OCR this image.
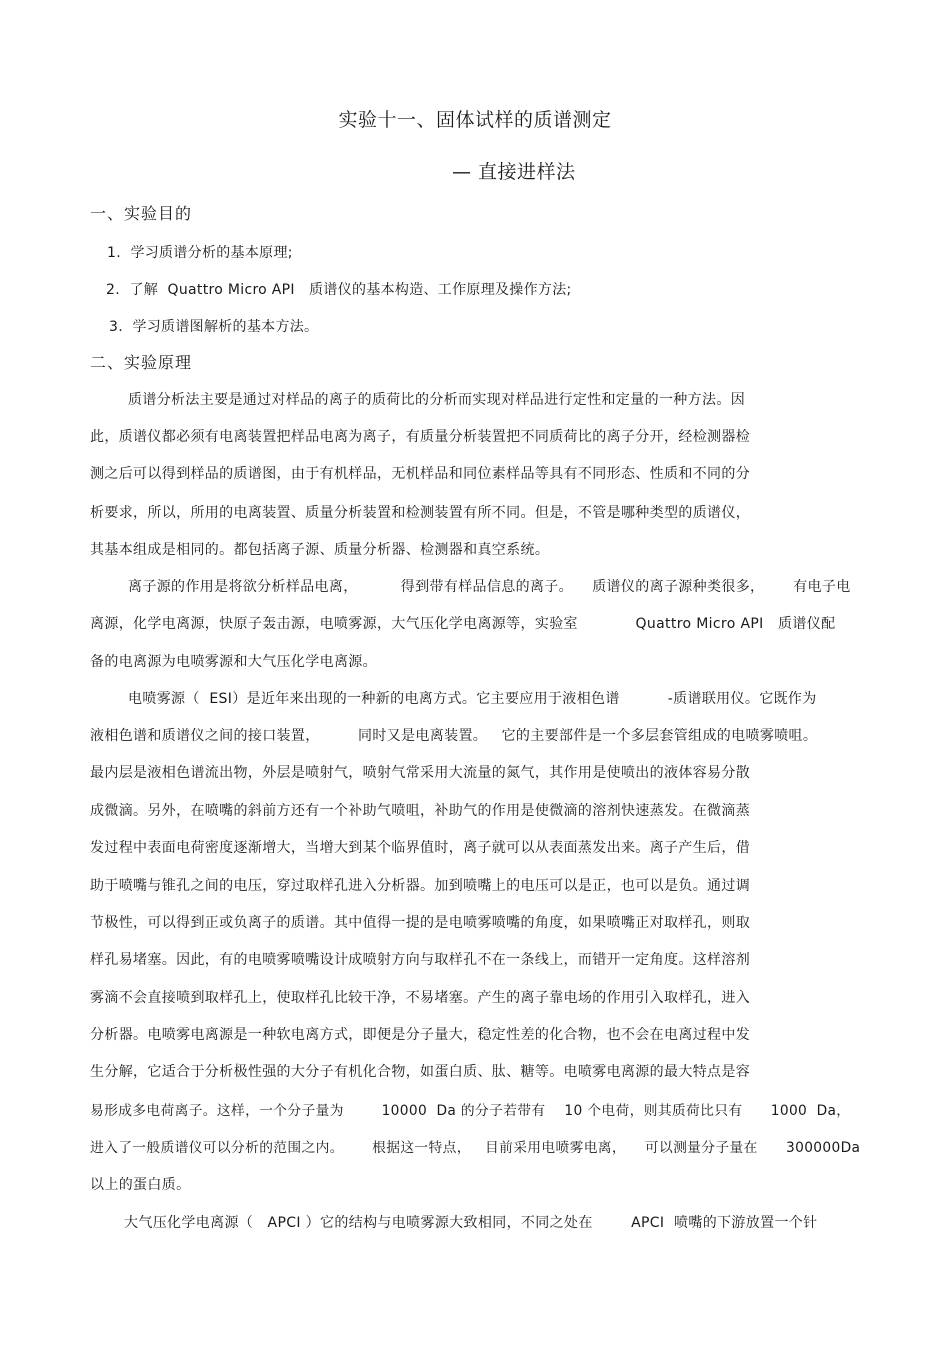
实验十一、固体试样的质谱测定
— 直接进样法
一、实验目的
1.  学习质谱分析的基本原理;
2.  了解  Quattro Micro API   质谱仪的基本构造、工作原理及操作方法;
3.  学习质谱图解析的基本方法。
二、实验原理
质谱分析法主要是通过对样品的离子的质荷比的分析而实现对样品进行定性和定量的一种方法。因
此，质谱仪都必须有电离装置把样品电离为离子，有质量分析装置把不同质荷比的离子分开，经检测器检
测之后可以得到样品的质谱图，由于有机样品，无机样品和同位素样品等具有不同形态、性质和不同的分
析要求，所以，所用的电离装置、质量分析装置和检测装置有所不同。但是，不管是哪种类型的质谱仪，
其基本组成是相同的。都包括离子源、质量分析器、检测器和真空系统。
离子源的作用是将欲分析样品电离，         得到带有样品信息的离子。    质谱仪的离子源种类很多，      有电子电
离源，化学电离源，快原子轰击源，电喷雾源，大气压化学电离源等，实验室            Quattro Micro API   质谱仪配
备的电离源为电喷雾源和大气压化学电离源。
电喷雾源（  ESI）是近年来出现的一种新的电离方式。它主要应用于液相色谱          -质谱联用仪。它既作为
液相色谱和质谱仪之间的接口装置，        同时又是电离装置。   它的主要部件是一个多层套管组成的电喷雾喷咀。
最内层是液相色谱流出物，外层是喷射气，喷射气常采用大流量的氮气，其作用是使喷出的液体容易分散
成微滴。另外，在喷嘴的斜前方还有一个补助气喷咀，补助气的作用是使微滴的溶剂快速蒸发。在微滴蒸
发过程中表面电荷密度逐渐增大，当增大到某个临界值时，离子就可以从表面蒸发出来。离子产生后，借
助于喷嘴与锥孔之间的电压，穿过取样孔进入分析器。加到喷嘴上的电压可以是正，也可以是负。通过调
节极性，可以得到正或负离子的质谱。其中值得一提的是电喷雾喷嘴的角度，如果喷嘴正对取样孔，则取
样孔易堵塞。因此，有的电喷雾喷嘴设计成喷射方向与取样孔不在一条线上，而错开一定角度。这样溶剂
雾滴不会直接喷到取样孔上，使取样孔比较干净，不易堵塞。产生的离子靠电场的作用引入取样孔，进入
分析器。电喷雾电离源是一种软电离方式，即便是分子量大，稳定性差的化合物，也不会在电离过程中发
生分解，它适合于分析极性强的大分子有机化合物，如蛋白质、肽、糖等。电喷雾电离源的最大特点是容
易形成多电荷离子。这样，一个分子量为        10000  Da 的分子若带有    10 个电荷，则其质荷比只有      1000  Da，
进入了一般质谱仪可以分析的范围之内。      根据这一特点，   目前采用电喷雾电离，    可以测量分子量在      300000Da
以上的蛋白质。
大气压化学电离源（   APCI ）它的结构与电喷雾源大致相同，不同之处在        APCI  喷嘴的下游放置一个针
